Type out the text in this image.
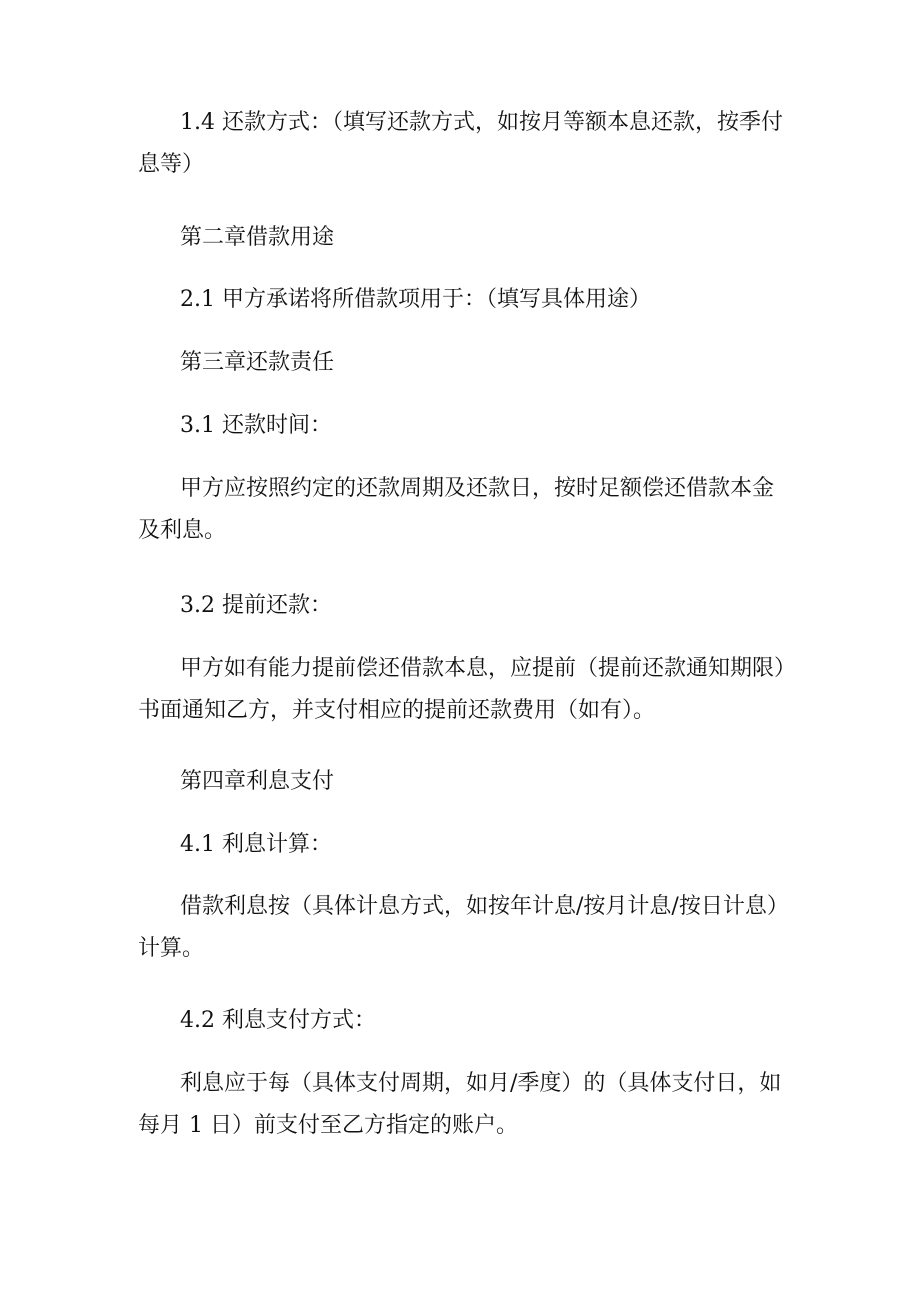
1.4 还款方式：（填写还款方式，如按月等额本息还款，按季付息等）
第二章借款用途
2.1 甲方承诺将所借款项用于：（填写具体用途）
第三章还款责任
3.1 还款时间：
甲方应按照约定的还款周期及还款日，按时足额偿还借款本金及利息。
3.2 提前还款：
甲方如有能力提前偿还借款本息，应提前（提前还款通知期限）书面通知乙方，并支付相应的提前还款费用（如有）。
第四章利息支付
4.1 利息计算：
借款利息按（具体计息方式，如按年计息/按月计息/按日计息）计算。
4.2 利息支付方式：
利息应于每（具体支付周期，如月/季度）的（具体支付日，如每月 1 日）前支付至乙方指定的账户。
